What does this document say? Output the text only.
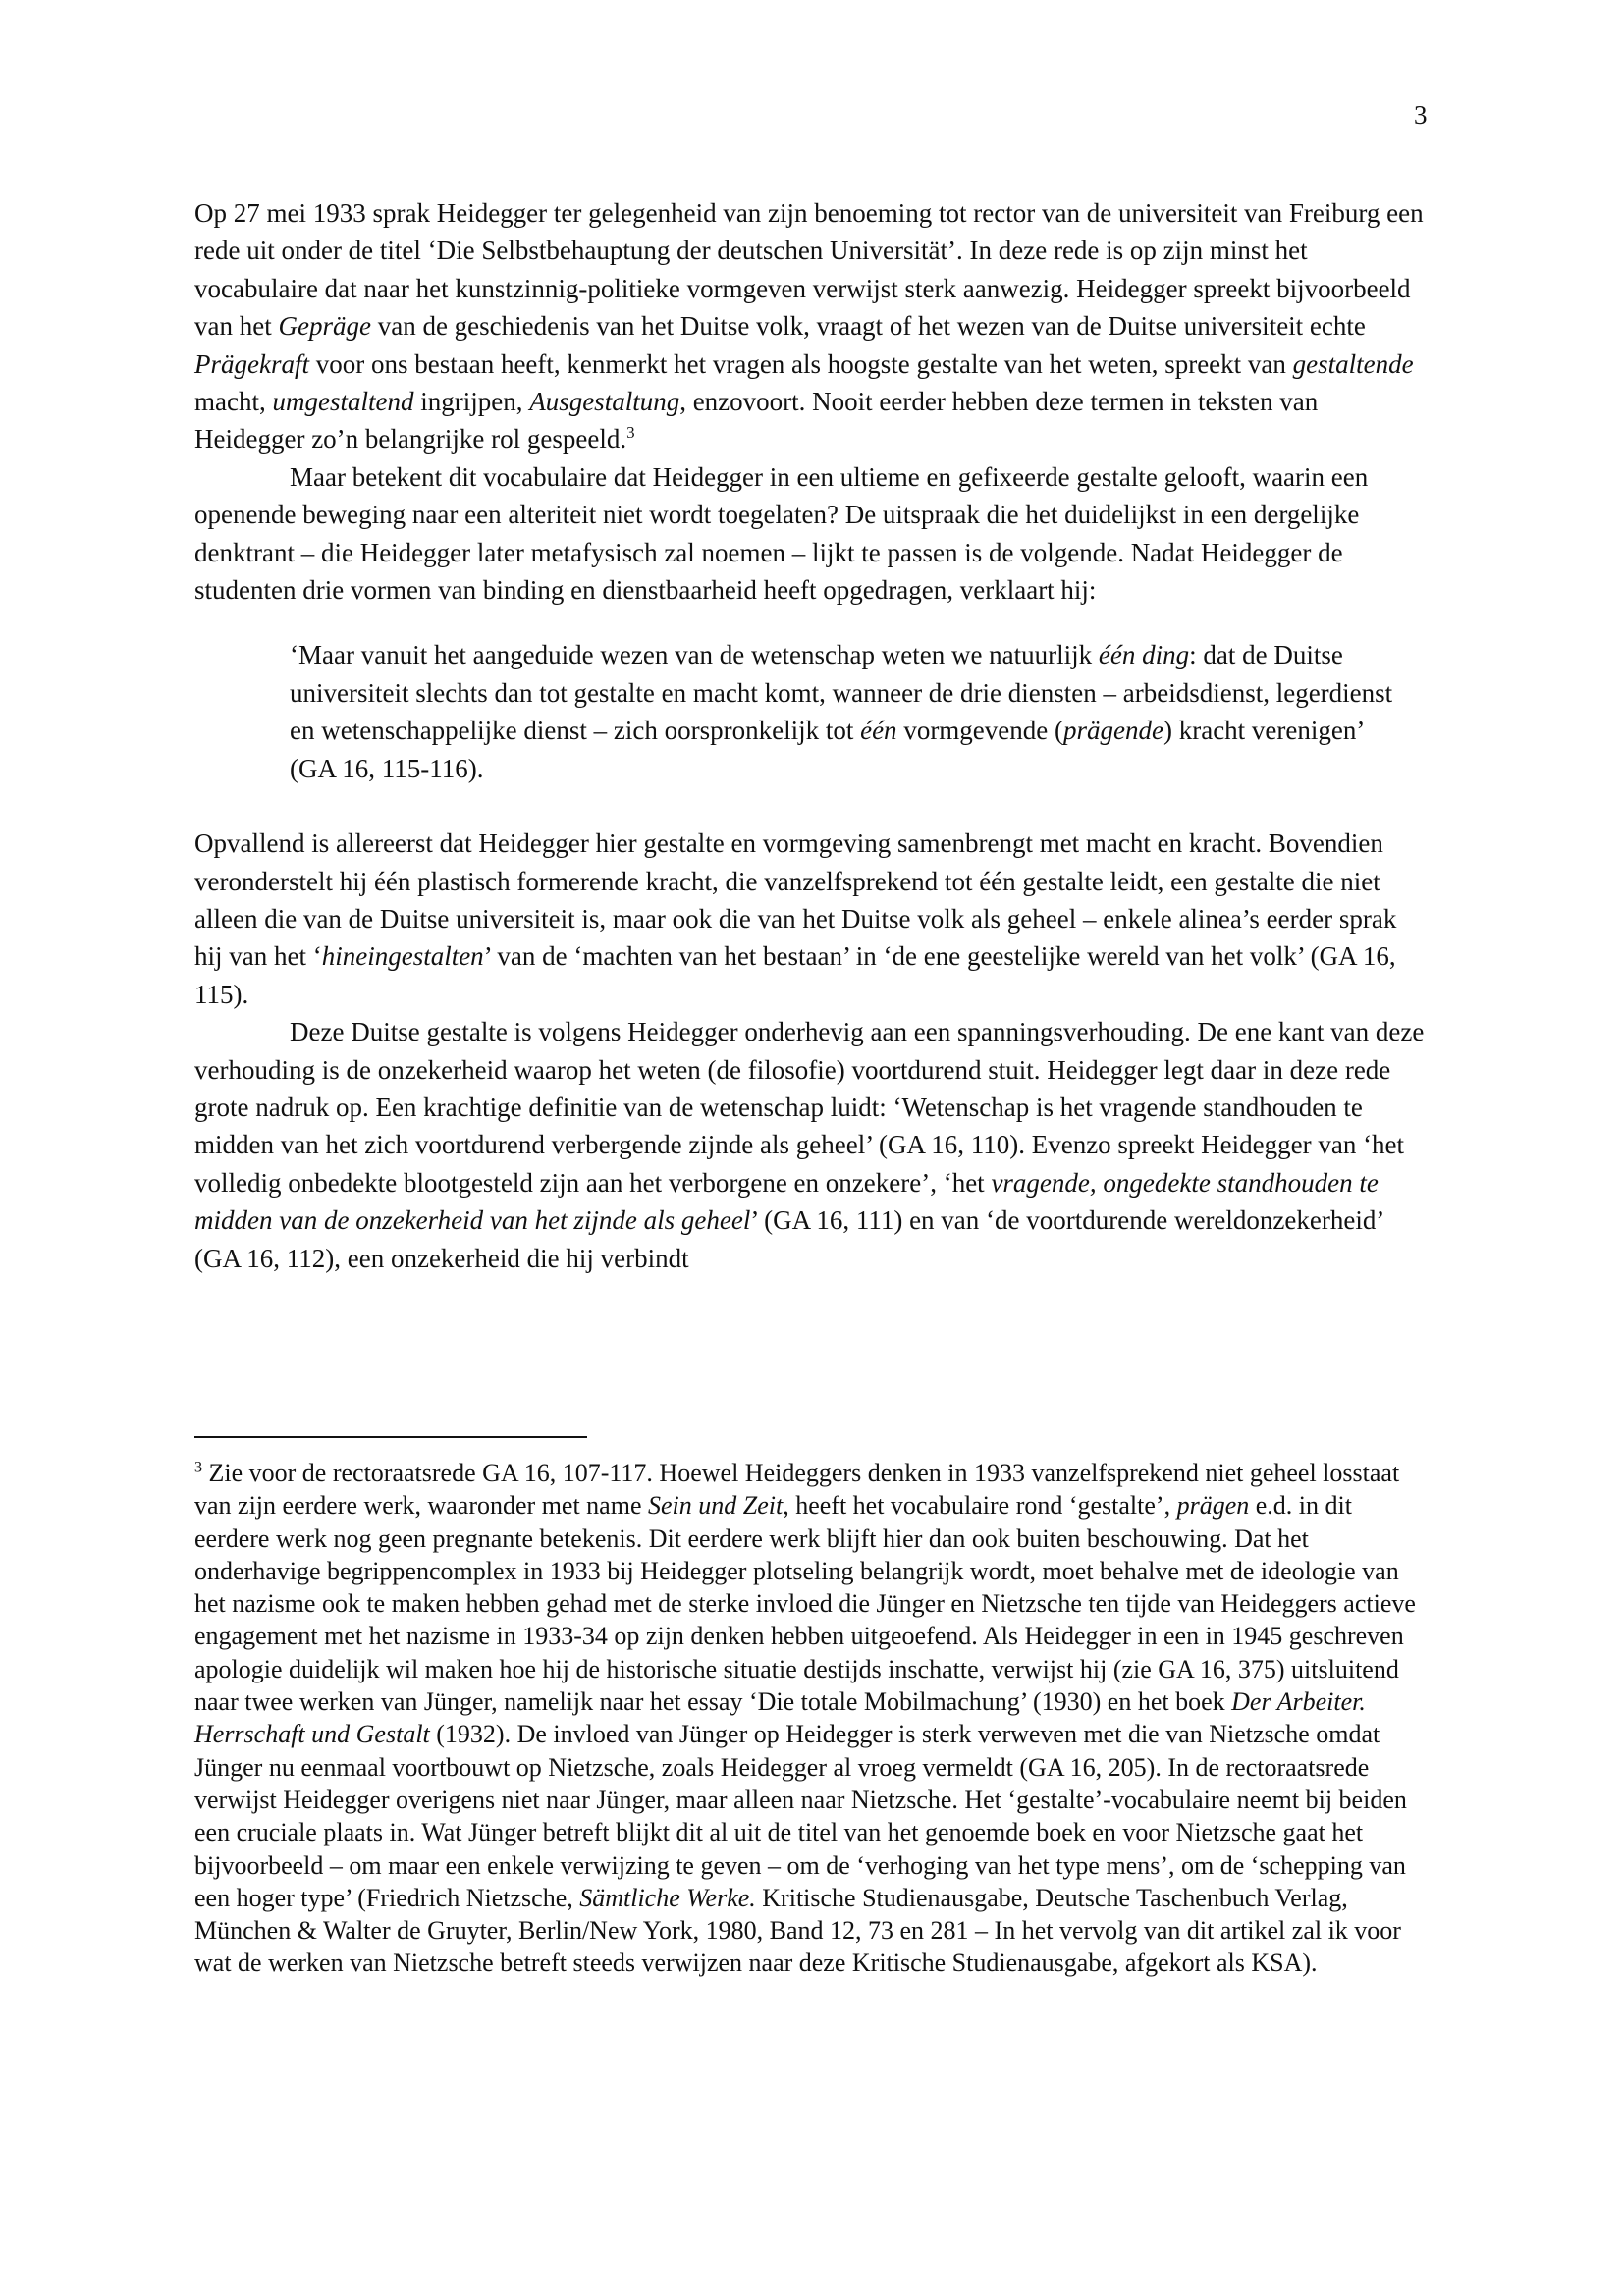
3

Op 27 mei 1933 sprak Heidegger ter gelegenheid van zijn benoeming tot rector van de universiteit van Freiburg een rede uit onder de titel ‘Die Selbstbehauptung der deutschen Universität’. In deze rede is op zijn minst het vocabulaire dat naar het kunstzinnig-politieke vormgeven verwijst sterk aanwezig. Heidegger spreekt bijvoorbeeld van het Gepräge van de geschiedenis van het Duitse volk, vraagt of het wezen van de Duitse universiteit echte Prägekraft voor ons bestaan heeft, kenmerkt het vragen als hoogste gestalte van het weten, spreekt van gestaltende macht, umgestaltend ingrijpen, Ausgestaltung, enzovoort. Nooit eerder hebben deze termen in teksten van Heidegger zo’n belangrijke rol gespeeld.$^3$

Maar betekent dit vocabulaire dat Heidegger in een ultieme en gefixeerde gestalte gelooft, waarin een openende beweging naar een alteriteit niet wordt toegelaten? De uitspraak die het duidelijkst in een dergelijke denktrant – die Heidegger later metafysisch zal noemen – lijkt te passen is de volgende. Nadat Heidegger de studenten drie vormen van binding en dienstbaarheid heeft opgedragen, verklaart hij:

‘Maar vanuit het aangeduide wezen van de wetenschap weten we natuurlijk één ding: dat de Duitse universiteit slechts dan tot gestalte en macht komt, wanneer de drie diensten – arbeidsdienst, legerdienst en wetenschappelijke dienst – zich oorspronkelijk tot één vormgevende (prägende) kracht verenigen’ (GA 16, 115-116).

Opvallend is allereerst dat Heidegger hier gestalte en vormgeving samenbrengt met macht en kracht. Bovendien veronderstelt hij één plastisch formerende kracht, die vanzelfsprekend tot één gestalte leidt, een gestalte die niet alleen die van de Duitse universiteit is, maar ook die van het Duitse volk als geheel – enkele alinea’s eerder sprak hij van het ‘hineingestalten’ van de ‘machten van het bestaan’ in ‘de ene geestelijke wereld van het volk’ (GA 16, 115).

Deze Duitse gestalte is volgens Heidegger onderhevig aan een spanningsverhouding. De ene kant van deze verhouding is de onzekerheid waarop het weten (de filosofie) voortdurend stuit. Heidegger legt daar in deze rede grote nadruk op. Een krachtige definitie van de wetenschap luidt: ‘Wetenschap is het vragende standhouden te midden van het zich voortdurend verbergende zijnde als geheel’ (GA 16, 110). Evenzo spreekt Heidegger van ‘het volledig onbedekte blootgesteld zijn aan het verborgene en onzekere’, ‘het vragende, ongedekte standhouden te midden van de onzekerheid van het zijnde als geheel’ (GA 16, 111) en van ‘de voortdurende wereldonzekerheid’ (GA 16, 112), een onzekerheid die hij verbindt

$^3$ Zie voor de rectoraatsrede GA 16, 107-117. Hoewel Heideggers denken in 1933 vanzelfsprekend niet geheel losstaat van zijn eerdere werk, waaronder met name Sein und Zeit, heeft het vocabulaire rond ‘gestalte’, prägen e.d. in dit eerdere werk nog geen pregnante betekenis. Dit eerdere werk blijft hier dan ook buiten beschouwing. Dat het onderhavige begrippencomplex in 1933 bij Heidegger plotseling belangrijk wordt, moet behalve met de ideologie van het nazisme ook te maken hebben gehad met de sterke invloed die Jünger en Nietzsche ten tijde van Heideggers actieve engagement met het nazisme in 1933-34 op zijn denken hebben uitgeoefend. Als Heidegger in een in 1945 geschreven apologie duidelijk wil maken hoe hij de historische situatie destijds inschatte, verwijst hij (zie GA 16, 375) uitsluitend naar twee werken van Jünger, namelijk naar het essay ‘Die totale Mobilmachung’ (1930) en het boek Der Arbeiter. Herrschaft und Gestalt (1932). De invloed van Jünger op Heidegger is sterk verweven met die van Nietzsche omdat Jünger nu eenmaal voortbouwt op Nietzsche, zoals Heidegger al vroeg vermeldt (GA 16, 205). In de rectoraatsrede verwijst Heidegger overigens niet naar Jünger, maar alleen naar Nietzsche. Het ‘gestalte’-vocabulaire neemt bij beiden een cruciale plaats in. Wat Jünger betreft blijkt dit al uit de titel van het genoemde boek en voor Nietzsche gaat het bijvoorbeeld – om maar een enkele verwijzing te geven – om de ‘verhoging van het type mens’, om de ‘schepping van een hoger type’ (Friedrich Nietzsche, Sämtliche Werke. Kritische Studienausgabe, Deutsche Taschenbuch Verlag, München & Walter de Gruyter, Berlin/New York, 1980, Band 12, 73 en 281 – In het vervolg van dit artikel zal ik voor wat de werken van Nietzsche betreft steeds verwijzen naar deze Kritische Studienausgabe, afgekort als KSA).
